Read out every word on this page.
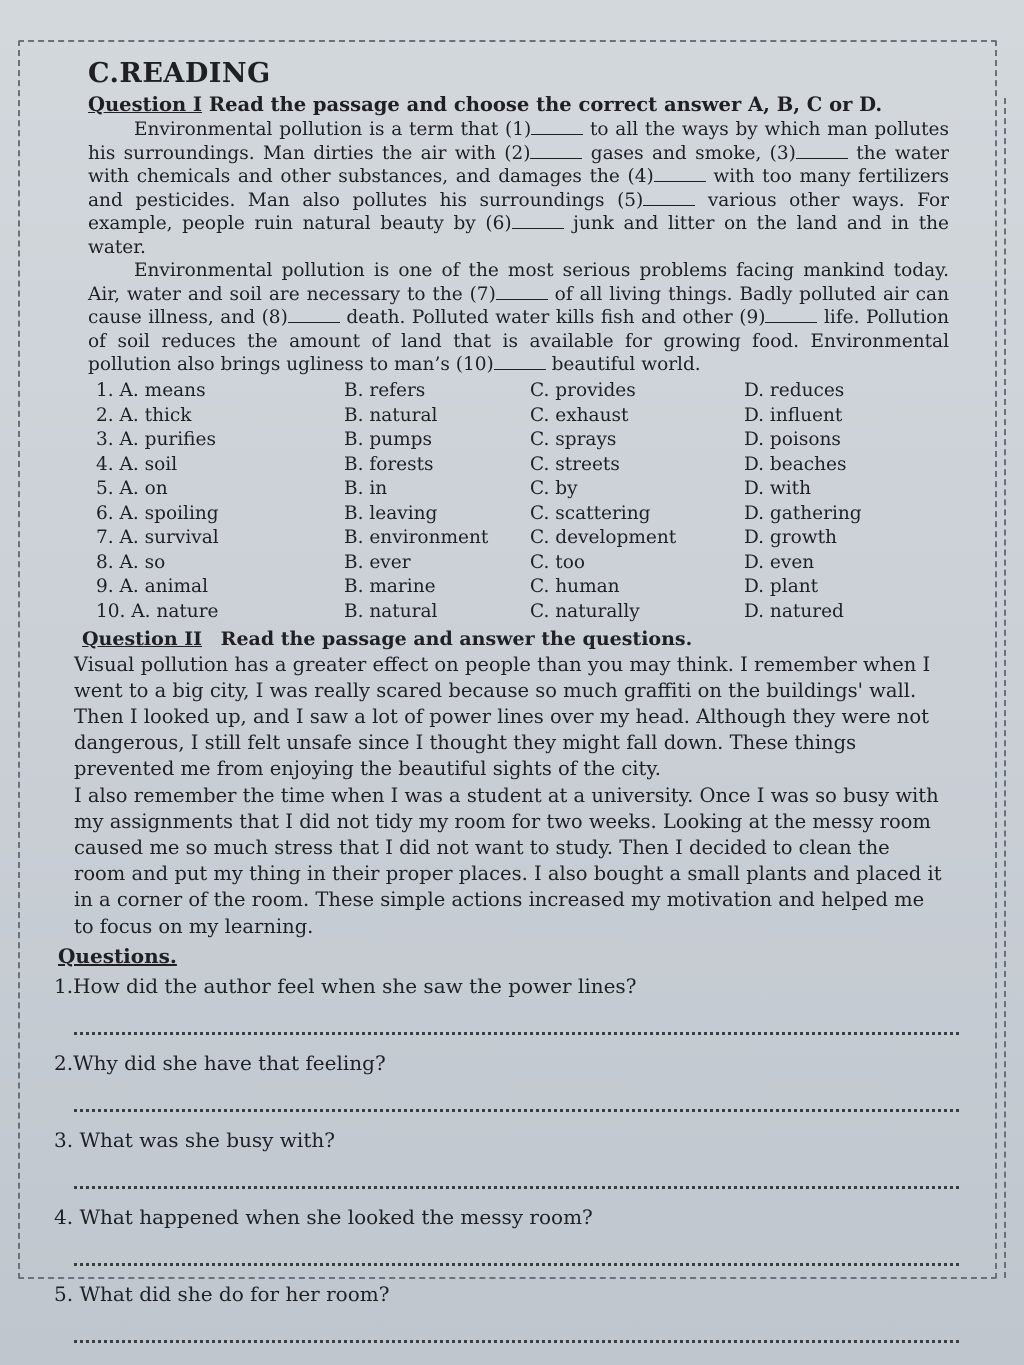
C.READING
Question I Read the passage and choose the correct answer A, B, C or D.

Environmental pollution is a term that (1)	to all the ways by which man pollutes his surroundings. Man dirties the air with (2)	gases and smoke, (3)	the water with chemicals and other substances, and damages the (4)	with too many fertilizers and pesticides. Man also pollutes his surroundings (5)	various other ways. For example, people ruin natural beauty by (6)	junk and litter on the land and in the water.

Environmental pollution is one of the most serious problems facing mankind today. Air, water and soil are necessary to the (7)	of all living things. Badly polluted air can cause illness, and (8)	death. Polluted water kills fish and other (9)	life. Pollution of soil reduces the amount of land that is available for growing food. Environmental pollution also brings ugliness to man’s (10)	beautiful world.

1. A. means	B. refers	C. provides	D. reduces
2. A. thick	B. natural	C. exhaust	D. influent
3. A. purifies	B. pumps	C. sprays	D. poisons
4. A. soil	B. forests	C. streets	D. beaches
5. A. on	B. in	C. by	D. with
6. A. spoiling	B. leaving	C. scattering	D. gathering
7. A. survival	B. environment	C. development	D. growth
8. A. so	B. ever	C. too	D. even
9. A. animal	B. marine	C. human	D. plant
10. A. nature	B. natural	C. naturally	D. natured
Question II Read the passage and answer the questions.

Visual pollution has a greater effect on people than you may think. I remember when I went to a big city, I was really scared because so much graffiti on the buildings' wall. Then I looked up, and I saw a lot of power lines over my head. Although they were not dangerous, I still felt unsafe since I thought they might fall down. These things prevented me from enjoying the beautiful sights of the city.

I also remember the time when I was a student at a university. Once I was so busy with my assignments that I did not tidy my room for two weeks. Looking at the messy room caused me so much stress that I did not want to study. Then I decided to clean the room and put my thing in their proper places. I also bought a small plants and placed it in a corner of the room. These simple actions increased my motivation and helped me to focus on my learning.

Questions.
1.How did the author feel when she saw the power lines?
2.Why did she have that feeling?
3. What was she busy with?
4. What happened when she looked the messy room?
5. What did she do for her room?
